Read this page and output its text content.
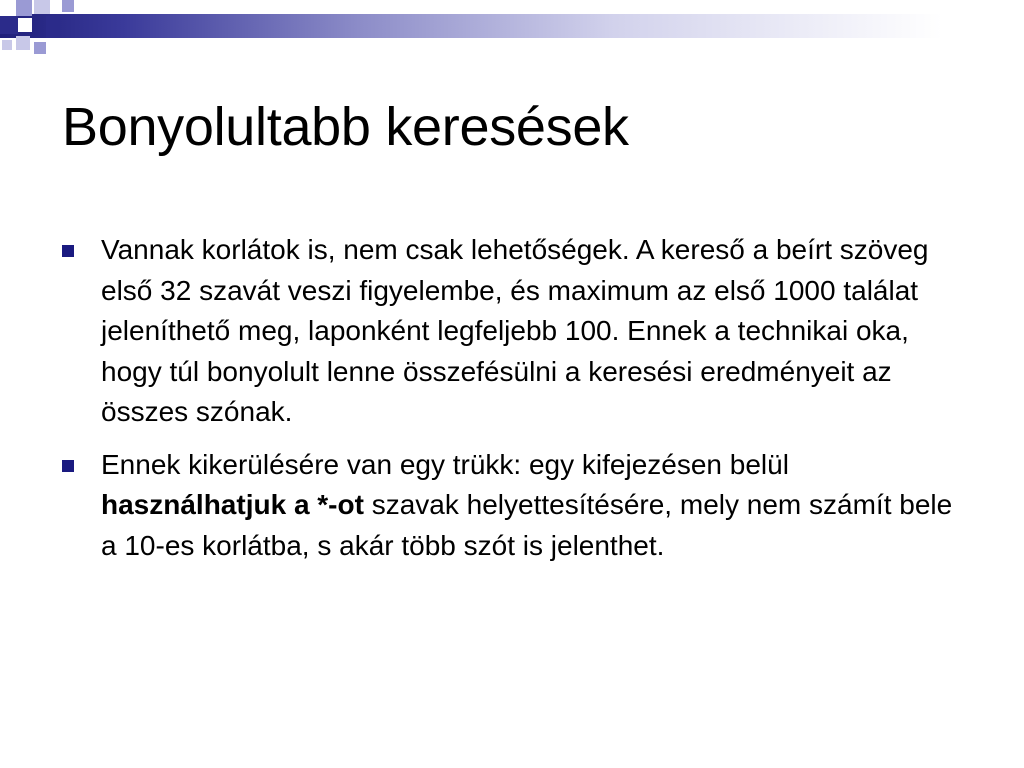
Bonyolultabb keresések
Vannak korlátok is, nem csak lehetőségek. A kereső a beírt szöveg első 32 szavát veszi figyelembe, és maximum az első 1000 találat jeleníthető meg, laponként legfeljebb 100. Ennek a technikai oka, hogy túl bonyolult lenne összefésülni a keresési eredményeit az összes szónak.
Ennek kikerülésére van egy trükk: egy kifejezésen belül használhatjuk a *-ot szavak helyettesítésére, mely nem számít bele a 10-es korlátba, s akár több szót is jelenthet.
